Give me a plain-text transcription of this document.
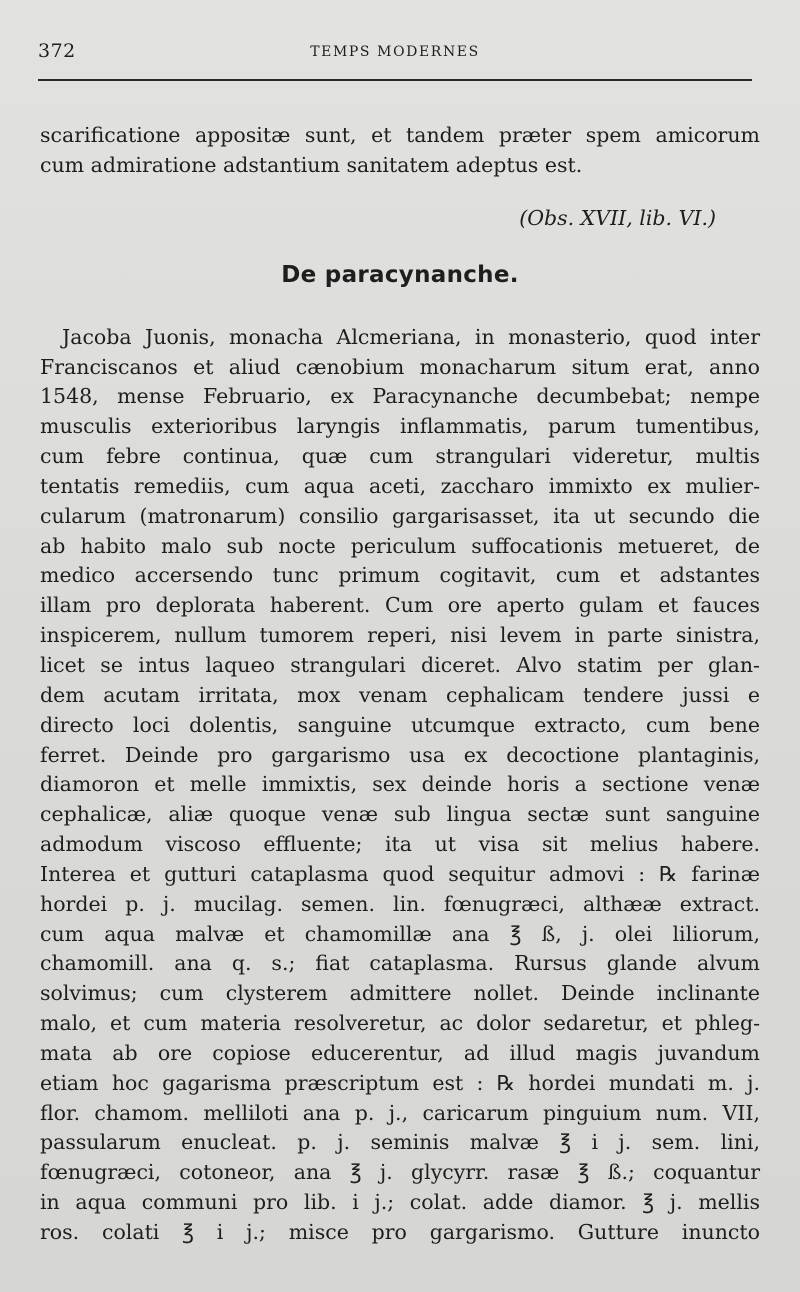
372	TEMPS MODERNES
scarificatione appositæ sunt, et tandem præter spem amicorum
cum admiratione adstantium sanitatem adeptus est.
(Obs. XVII, lib. VI.)
De paracynanche.
Jacoba Juonis, monacha Alcmeriana, in monasterio, quod inter
Franciscanos et aliud cænobium monacharum situm erat, anno
1548, mense Februario, ex Paracynanche decumbebat; nempe
musculis exterioribus laryngis inflammatis, parum tumentibus,
cum febre continua, quæ cum strangulari videretur, multis
tentatis remediis, cum aqua aceti, zaccharo immixto ex mulier-
cularum (matronarum) consilio gargarisasset, ita ut secundo die
ab habito malo sub nocte periculum suffocationis metueret, de
medico accersendo tunc primum cogitavit, cum et adstantes
illam pro deplorata haberent. Cum ore aperto gulam et fauces
inspicerem, nullum tumorem reperi, nisi levem in parte sinistra,
licet se intus laqueo strangulari diceret. Alvo statim per glan-
dem acutam irritata, mox venam cephalicam tendere jussi e
directo loci dolentis, sanguine utcumque extracto, cum bene
ferret. Deinde pro gargarismo usa ex decoctione plantaginis,
diamoron et melle immixtis, sex deinde horis a sectione venæ
cephalicæ, aliæ quoque venæ sub lingua sectæ sunt sanguine
admodum viscoso effluente; ita ut visa sit melius habere.
Interea et gutturi cataplasma quod sequitur admovi : ℞ farinæ
hordei p. j. mucilag. semen. lin. fœnugræci, althææ extract.
cum aqua malvæ et chamomillæ ana ℥ ß, j. olei liliorum,
chamomill. ana q. s.; fiat cataplasma. Rursus glande alvum
solvimus; cum clysterem admittere nollet. Deinde inclinante
malo, et cum materia resolveretur, ac dolor sedaretur, et phleg-
mata ab ore copiose educerentur, ad illud magis juvandum
etiam hoc gagarisma præscriptum est : ℞ hordei mundati m. j.
flor. chamom. melliloti ana p. j., caricarum pinguium num. VII,
passularum enucleat. p. j. seminis malvæ ℥ i j. sem. lini,
fœnugræci, cotoneor, ana ℥ j. glycyrr. rasæ ℥ ß.; coquantur
in aqua communi pro lib. i j.; colat. adde diamor. ℥ j. mellis
ros. colati ℥ i j.; misce pro gargarismo. Gutture inuncto
